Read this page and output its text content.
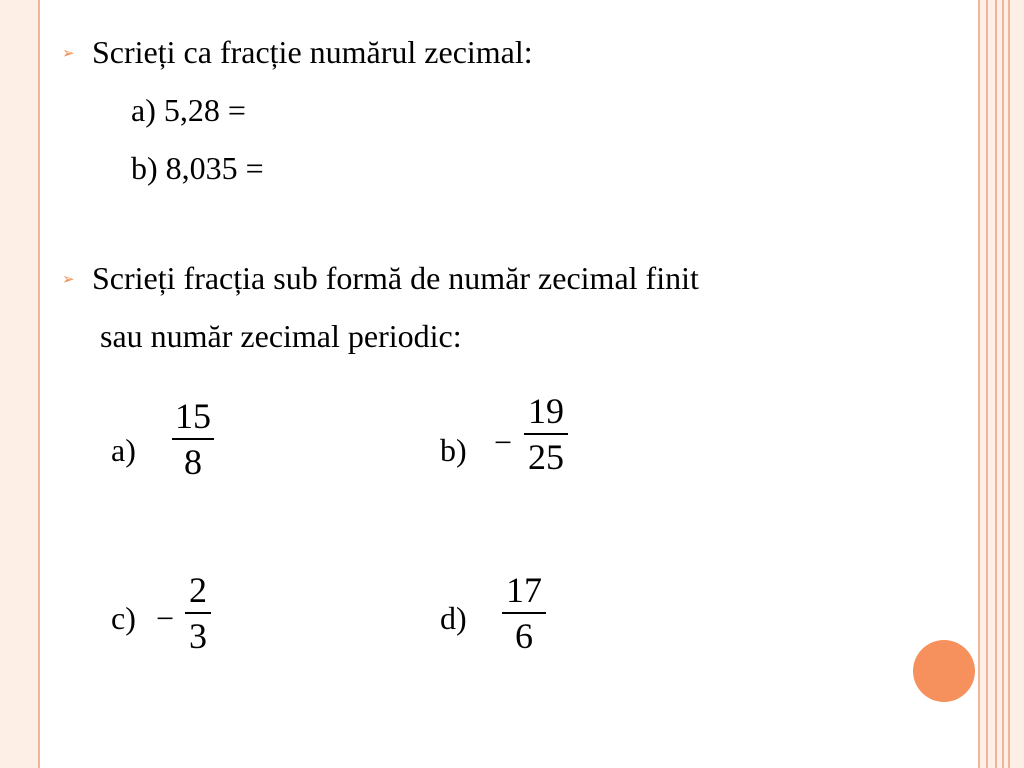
➢ Scrieți ca fracție numărul zecimal:
a) 5,28 =
b) 8,035 =
➢ Scrieți fracția sub formă de număr zecimal finit
sau număr zecimal periodic:
a)
15
8	b) −
19
25
c) −
2
3	d)
17
6
